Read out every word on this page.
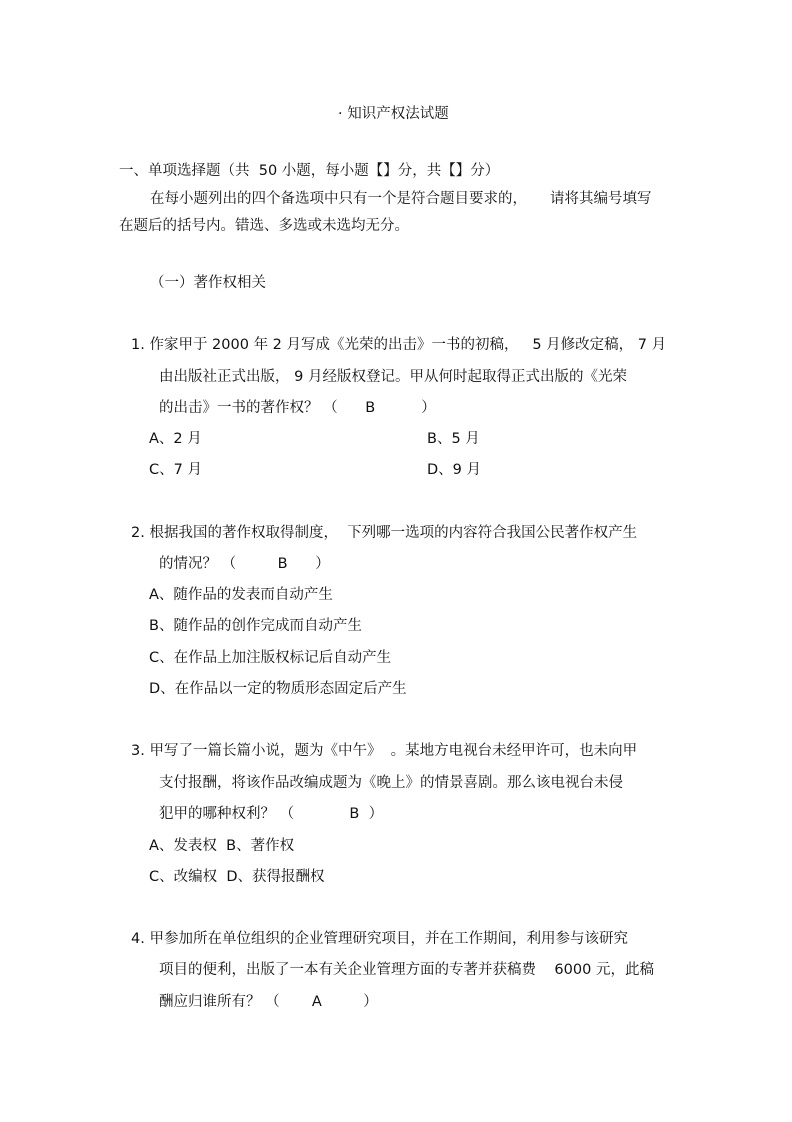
· 知识产权法试题
一、单项选择题（共  50 小题，每小题【】分，共【】分）
在每小题列出的四个备选项中只有一个是符合题目要求的，     请将其编号填写
在题后的括号内。错选、多选或未选均无分。
（一）著作权相关
1. 作家甲于 2000 年 2 月写成《光荣的出击》一书的初稿，   5 月修改定稿， 7 月
由出版社正式出版， 9 月经版权登记。甲从何时起取得正式出版的《光荣
的出击》一书的著作权？ （      B          ）
A、2 月	B、5 月
C、7 月	D、9 月
2. 根据我国的著作权取得制度，  下列哪一选项的内容符合我国公民著作权产生
的情况？ （         B      ）
A、随作品的发表而自动产生
B、随作品的创作完成而自动产生
C、在作品上加注版权标记后自动产生
D、在作品以一定的物质形态固定后产生
3. 甲写了一篇长篇小说，题为《中午》  。某地方电视台未经甲许可，也未向甲
支付报酬，将该作品改编成题为《晚上》的情景喜剧。那么该电视台未侵
犯甲的哪种权利？ （            B  ）
A、发表权  B、著作权
C、改编权  D、获得报酬权
4. 甲参加所在单位组织的企业管理研究项目，并在工作期间，利用参与该研究
项目的便利，出版了一本有关企业管理方面的专著并获稿费    6000 元，此稿
酬应归谁所有？ （       A         ）
